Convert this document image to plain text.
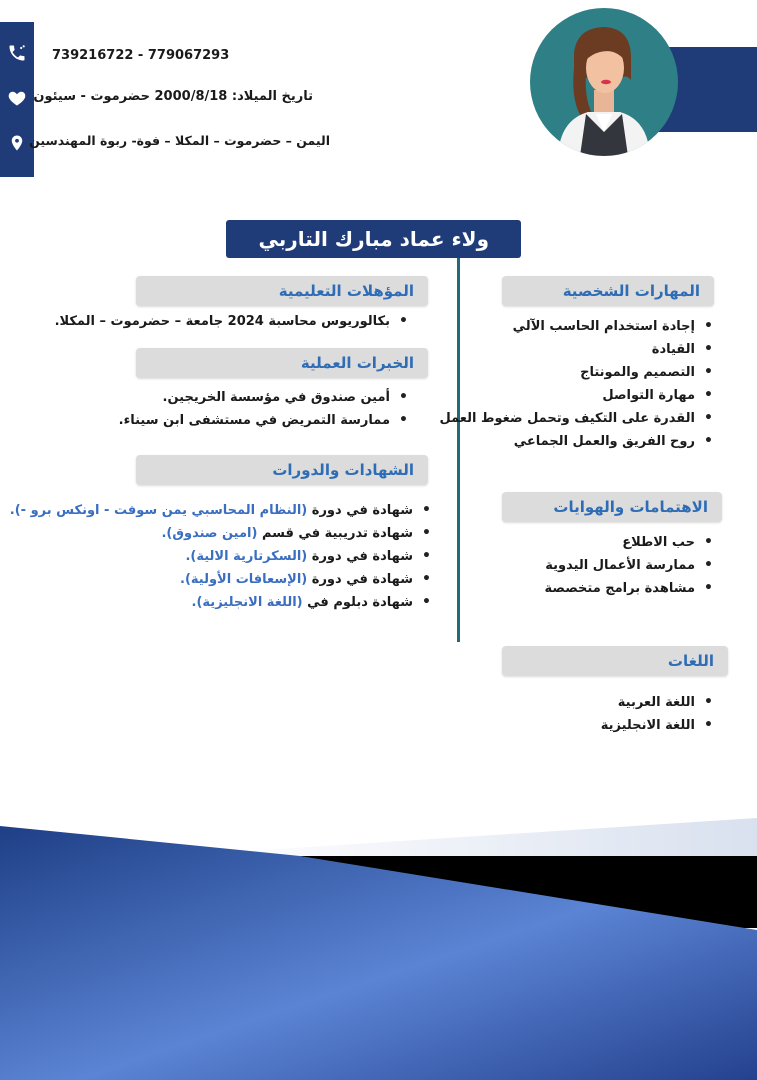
739216722 - 779067293
تاريخ الميلاد: 2000/8/18 حضرموت - سيئون
اليمن – حضرموت – المكلا – فوة- ربوة المهندسين
ولاء عماد مبارك التاربي
المؤهلات التعليمية
• بكالوريوس محاسبة 2024 جامعة – حضرموت – المكلا.
الخبرات العملية
• أمين صندوق في مؤسسة الخريجين.
• ممارسة التمريض في مستشفى ابن سيناء.
الشهادات والدورات
• شهادة في دورة (النظام المحاسبي يمن سوفت - اونكس برو -).
• شهادة تدريبية في قسم (امين صندوق).
• شهادة في دورة (السكرتارية الالية).
• شهادة في دورة (الإسعافات الأولية).
• شهادة دبلوم في (اللغة الانجليزية).
المهارات الشخصية
• إجادة استخدام الحاسب الآلي
• القيادة
• التصميم والمونتاج
• مهارة التواصل
• القدرة على التكيف وتحمل ضغوط العمل
• روح الفريق والعمل الجماعي
الاهتمامات والهوايات
• حب الاطلاع
• ممارسة الأعمال اليدوية
• مشاهدة برامج متخصصة
اللغات
• اللغة العربية
• اللغة الانجليزية
